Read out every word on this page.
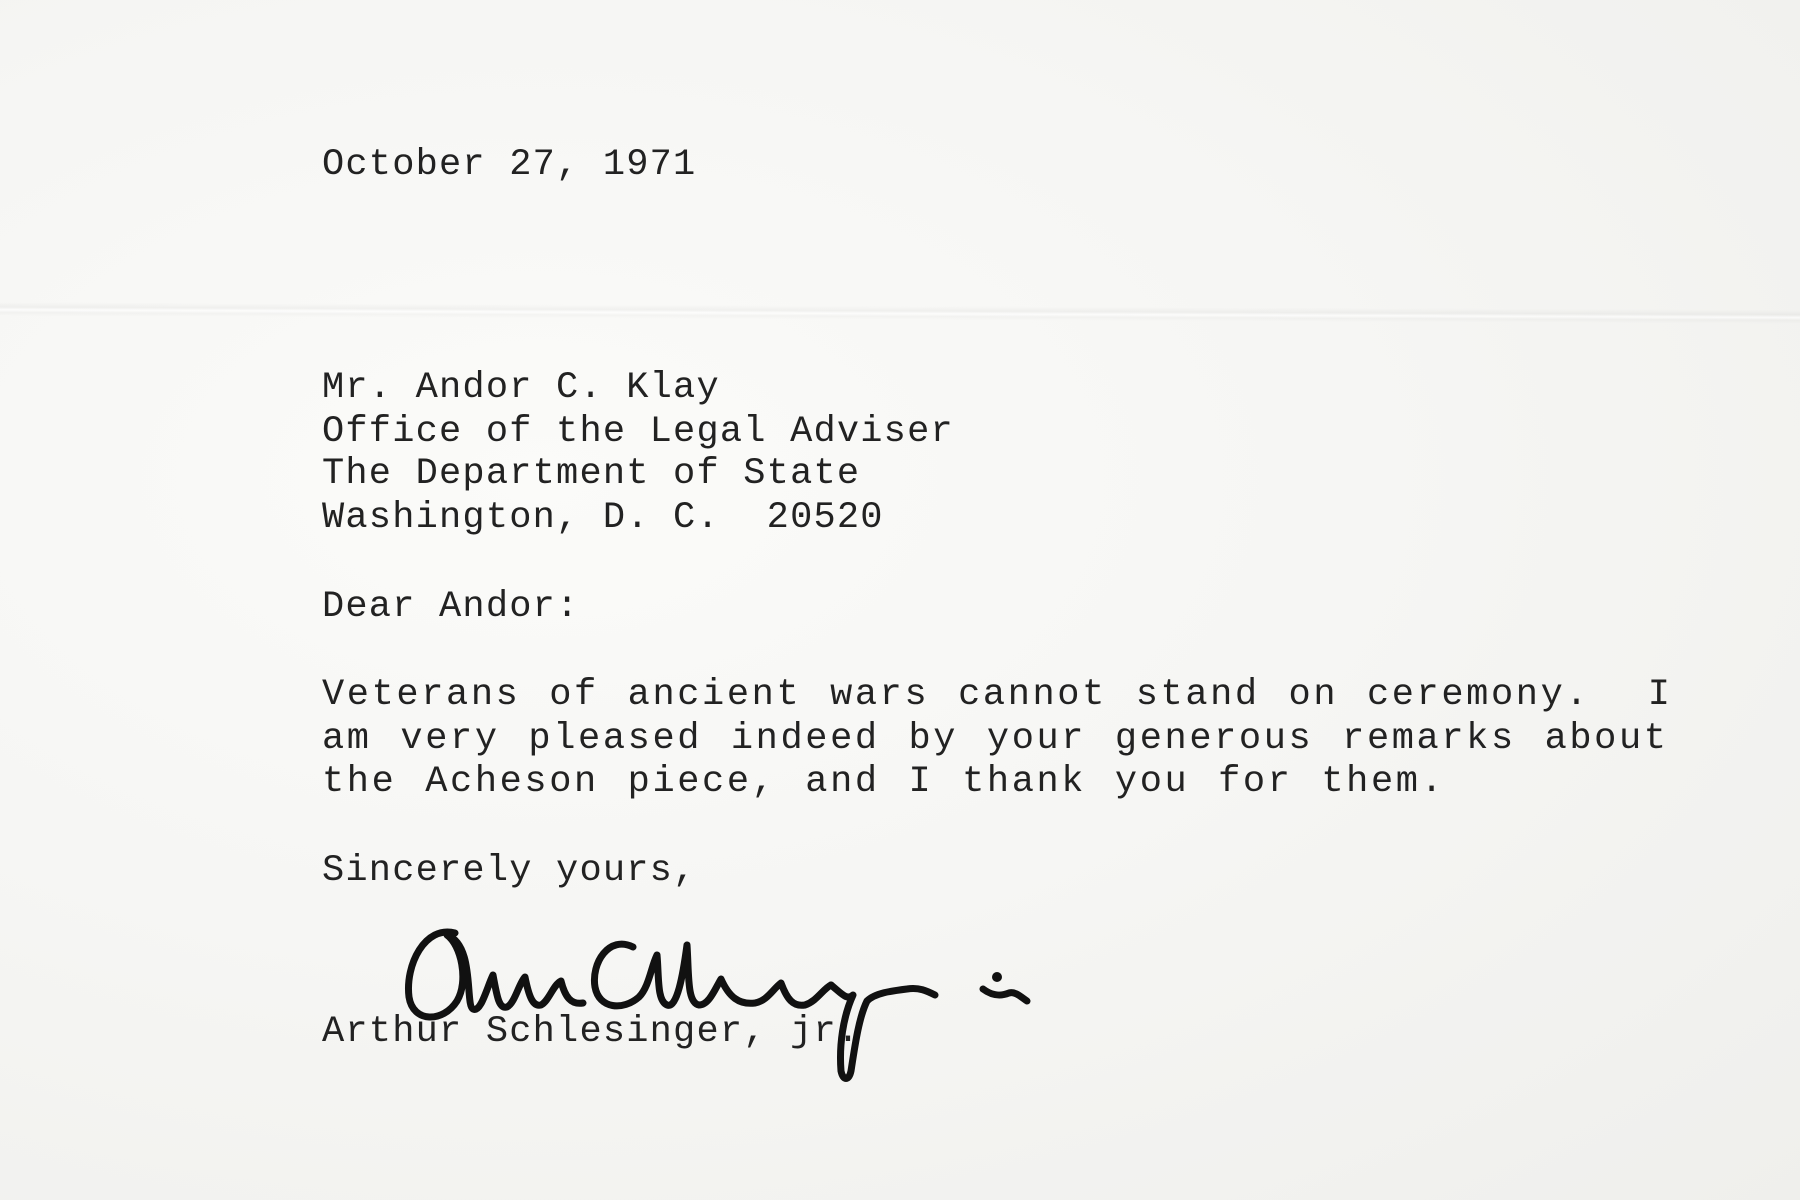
October 27, 1971

Mr. Andor C. Klay

Office of the Legal Adviser

The Department of State

Washington, D. C.  20520

Dear Andor:

Veterans of ancient wars cannot stand on ceremony.  I

am very pleased indeed by your generous remarks about

the Acheson piece, and I thank you for them.

Sincerely yours,

Arthur Schlesinger, jr.
